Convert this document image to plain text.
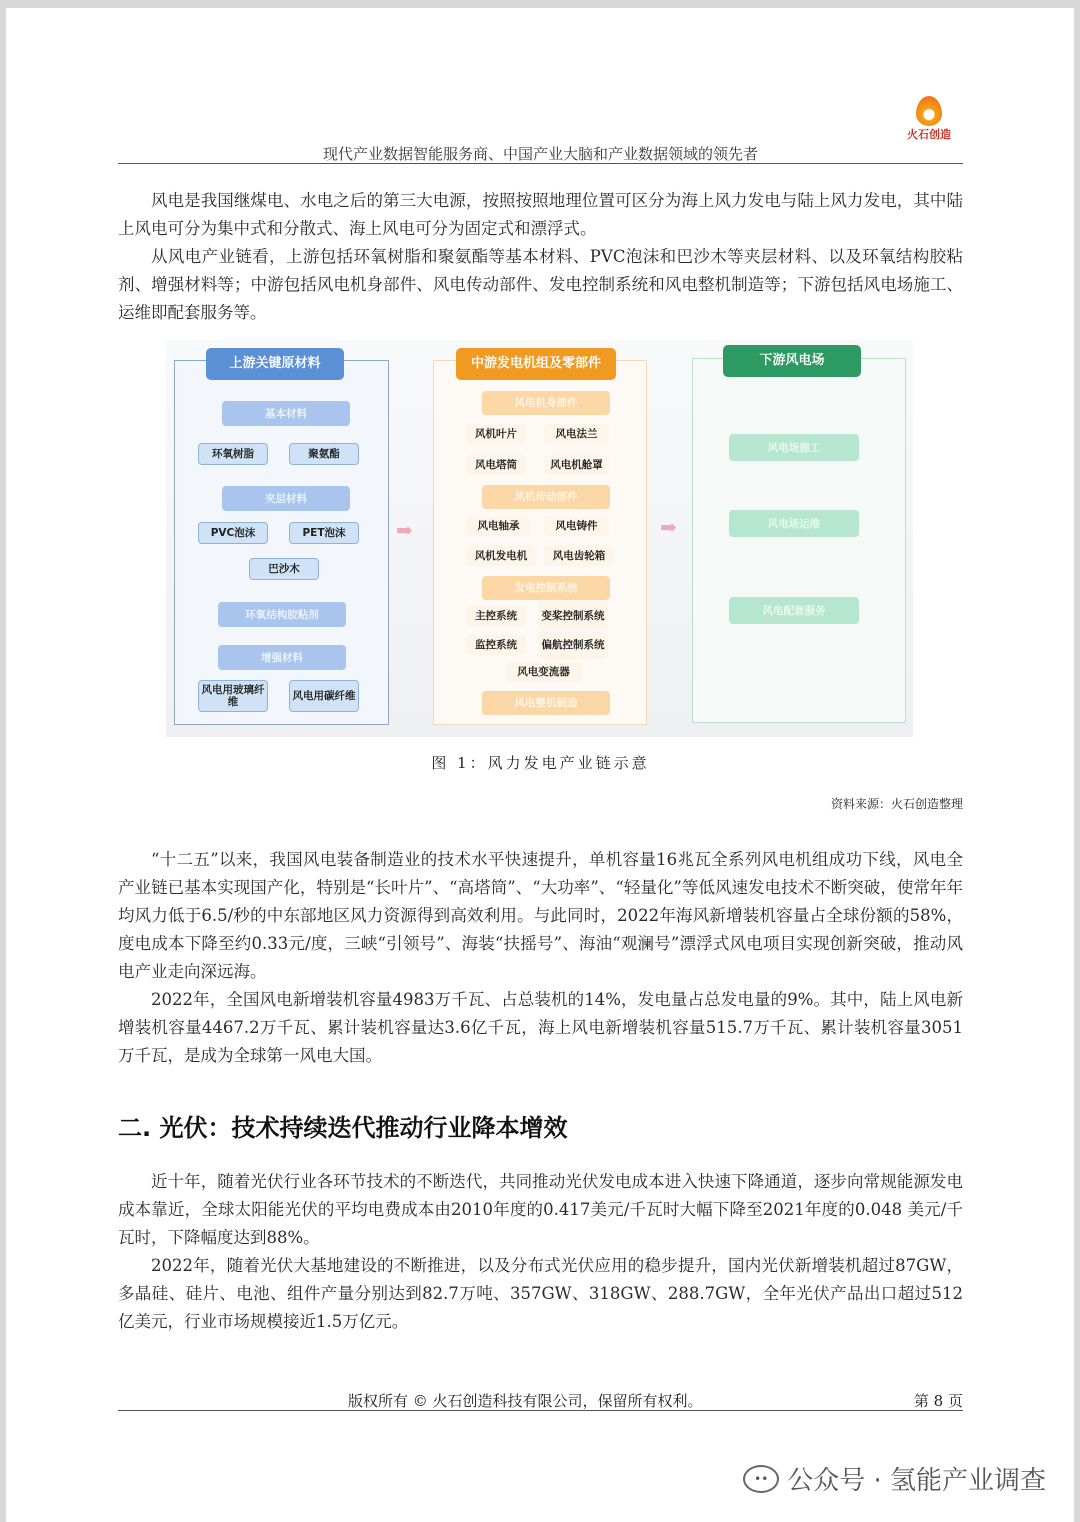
火石创造
现代产业数据智能服务商、中国产业大脑和产业数据领域的领先者
风电是我国继煤电、水电之后的第三大电源，按照按照地理位置可区分为海上风力发电与陆上风力发电，其中陆上风电可分为集中式和分散式、海上风电可分为固定式和漂浮式。
从风电产业链看，上游包括环氧树脂和聚氨酯等基本材料、PVC泡沫和巴沙木等夹层材料、以及环氧结构胶粘剂、增强材料等；中游包括风电机身部件、风电传动部件、发电控制系统和风电整机制造等；下游包括风电场施工、运维即配套服务等。
上游关键原材料
基本材料
环氧树脂	聚氨酯
夹层材料
PVC泡沫	PET泡沫
巴沙木
环氧结构胶粘剂
增强材料
风电用玻璃纤维	风电用碳纤维
➡
中游发电机组及零部件
风电机身部件
风机叶片	风电法兰
风电塔筒	风电机舱罩
风机传动部件
风电轴承	风电铸件
风机发电机	风电齿轮箱
发电控制系统
主控系统	变桨控制系统
监控系统	偏航控制系统
风电变流器
风电整机制造
➡
下游风电场
风电场施工
风电场运维
风电配套服务
图 1：风力发电产业链示意
资料来源：火石创造整理
“十二五”以来，我国风电装备制造业的技术水平快速提升，单机容量16兆瓦全系列风电机组成功下线，风电全产业链已基本实现国产化，特别是“长叶片”、“高塔筒”、“大功率”、“轻量化”等低风速发电技术不断突破，使常年年均风力低于6.5/秒的中东部地区风力资源得到高效利用。与此同时，2022年海风新增装机容量占全球份额的58%，度电成本下降至约0.33元/度，三峡“引领号”、海装“扶摇号”、海油“观澜号”漂浮式风电项目实现创新突破，推动风电产业走向深远海。
2022年，全国风电新增装机容量4983万千瓦、占总装机的14%，发电量占总发电量的9%。其中，陆上风电新增装机容量4467.2万千瓦、累计装机容量达3.6亿千瓦，海上风电新增装机容量515.7万千瓦、累计装机容量3051万千瓦，是成为全球第一风电大国。
二. 光伏：技术持续迭代推动行业降本增效
近十年，随着光伏行业各环节技术的不断迭代，共同推动光伏发电成本进入快速下降通道，逐步向常规能源发电成本靠近，全球太阳能光伏的平均电费成本由2010年度的0.417美元/千瓦时大幅下降至2021年度的0.048 美元/千瓦时，下降幅度达到88%。
2022年，随着光伏大基地建设的不断推进，以及分布式光伏应用的稳步提升，国内光伏新增装机超过87GW，多晶硅、硅片、电池、组件产量分别达到82.7万吨、357GW、318GW、288.7GW，全年光伏产品出口超过512亿美元，行业市场规模接近1.5万亿元。
版权所有 © 火石创造科技有限公司，保留所有权利。	第 8 页
•• 公众号 · 氢能产业调查
